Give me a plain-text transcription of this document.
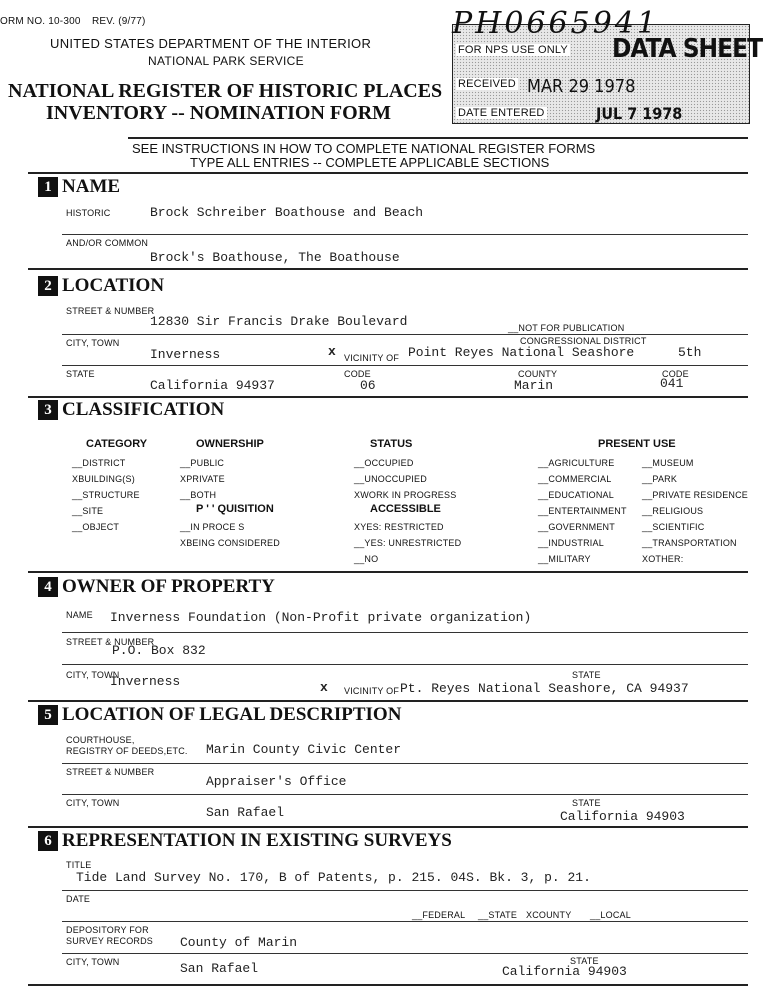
ORM NO. 10-300 REV. (9/77)
UNITED STATES DEPARTMENT OF THE INTERIOR
NATIONAL PARK SERVICE
NATIONAL REGISTER OF HISTORIC PLACES
INVENTORY -- NOMINATION FORM
PH0665941
FOR NPS USE ONLY DATA SHEET
RECEIVED MAR 29 1978
DATE ENTERED	JUL 7 1978
SEE INSTRUCTIONS IN HOW TO COMPLETE NATIONAL REGISTER FORMS
TYPE ALL ENTRIES -- COMPLETE APPLICABLE SECTIONS
1 NAME
HISTORIC	Brock Schreiber Boathouse and Beach
AND/OR COMMON
Brock's Boathouse, The Boathouse
2 LOCATION
STREET & NUMBER
12830 Sir Francis Drake Boulevard	__NOT FOR PUBLICATION
CITY, TOWN	CONGRESSIONAL DISTRICT
Inverness	x VICINITY OF Point Reyes National Seashore	5th
STATE	CODE	COUNTY	CODE
California 94937	06	Marin	041
3 CLASSIFICATION
CATEGORY
__DISTRICT
XBUILDING(S)
__STRUCTURE
__SITE
__OBJECT
OWNERSHIP
__PUBLIC
XPRIVATE
__BOTH
P ' ' QUISITION
__IN PROCE S
XBEING CONSIDERED
STATUS
__OCCUPIED
__UNOCCUPIED
XWORK IN PROGRESS
ACCESSIBLE
XYES: RESTRICTED
__YES: UNRESTRICTED
__NO
PRESENT USE
__AGRICULTURE
__COMMERCIAL
__EDUCATIONAL
__ENTERTAINMENT
__GOVERNMENT
__INDUSTRIAL
__MILITARY
__MUSEUM
__PARK
__PRIVATE RESIDENCE
__RELIGIOUS
__SCIENTIFIC
__TRANSPORTATION
XOTHER:
4 OWNER OF PROPERTY
NAME Inverness Foundation (Non-Profit private organization)
STREET & NUMBER
P.O. Box 832
CITY, TOWN
Inverness	STATE
x VICINITY OF Pt. Reyes National Seashore, CA 94937
5 LOCATION OF LEGAL DESCRIPTION
COURTHOUSE,
REGISTRY OF DEEDS,ETC. Marin County Civic Center
STREET & NUMBER
Appraiser's Office
CITY, TOWN	STATE
San Rafael	California 94903
6 REPRESENTATION IN EXISTING SURVEYS
TITLE
Tide Land Survey No. 170, B of Patents, p. 215. 04S. Bk. 3, p. 21.
DATE
__FEDERAL __STATE XCOUNTY __LOCAL
DEPOSITORY FOR
SURVEY RECORDS County of Marin
CITY, TOWN	STATE
San Rafael	California 94903
